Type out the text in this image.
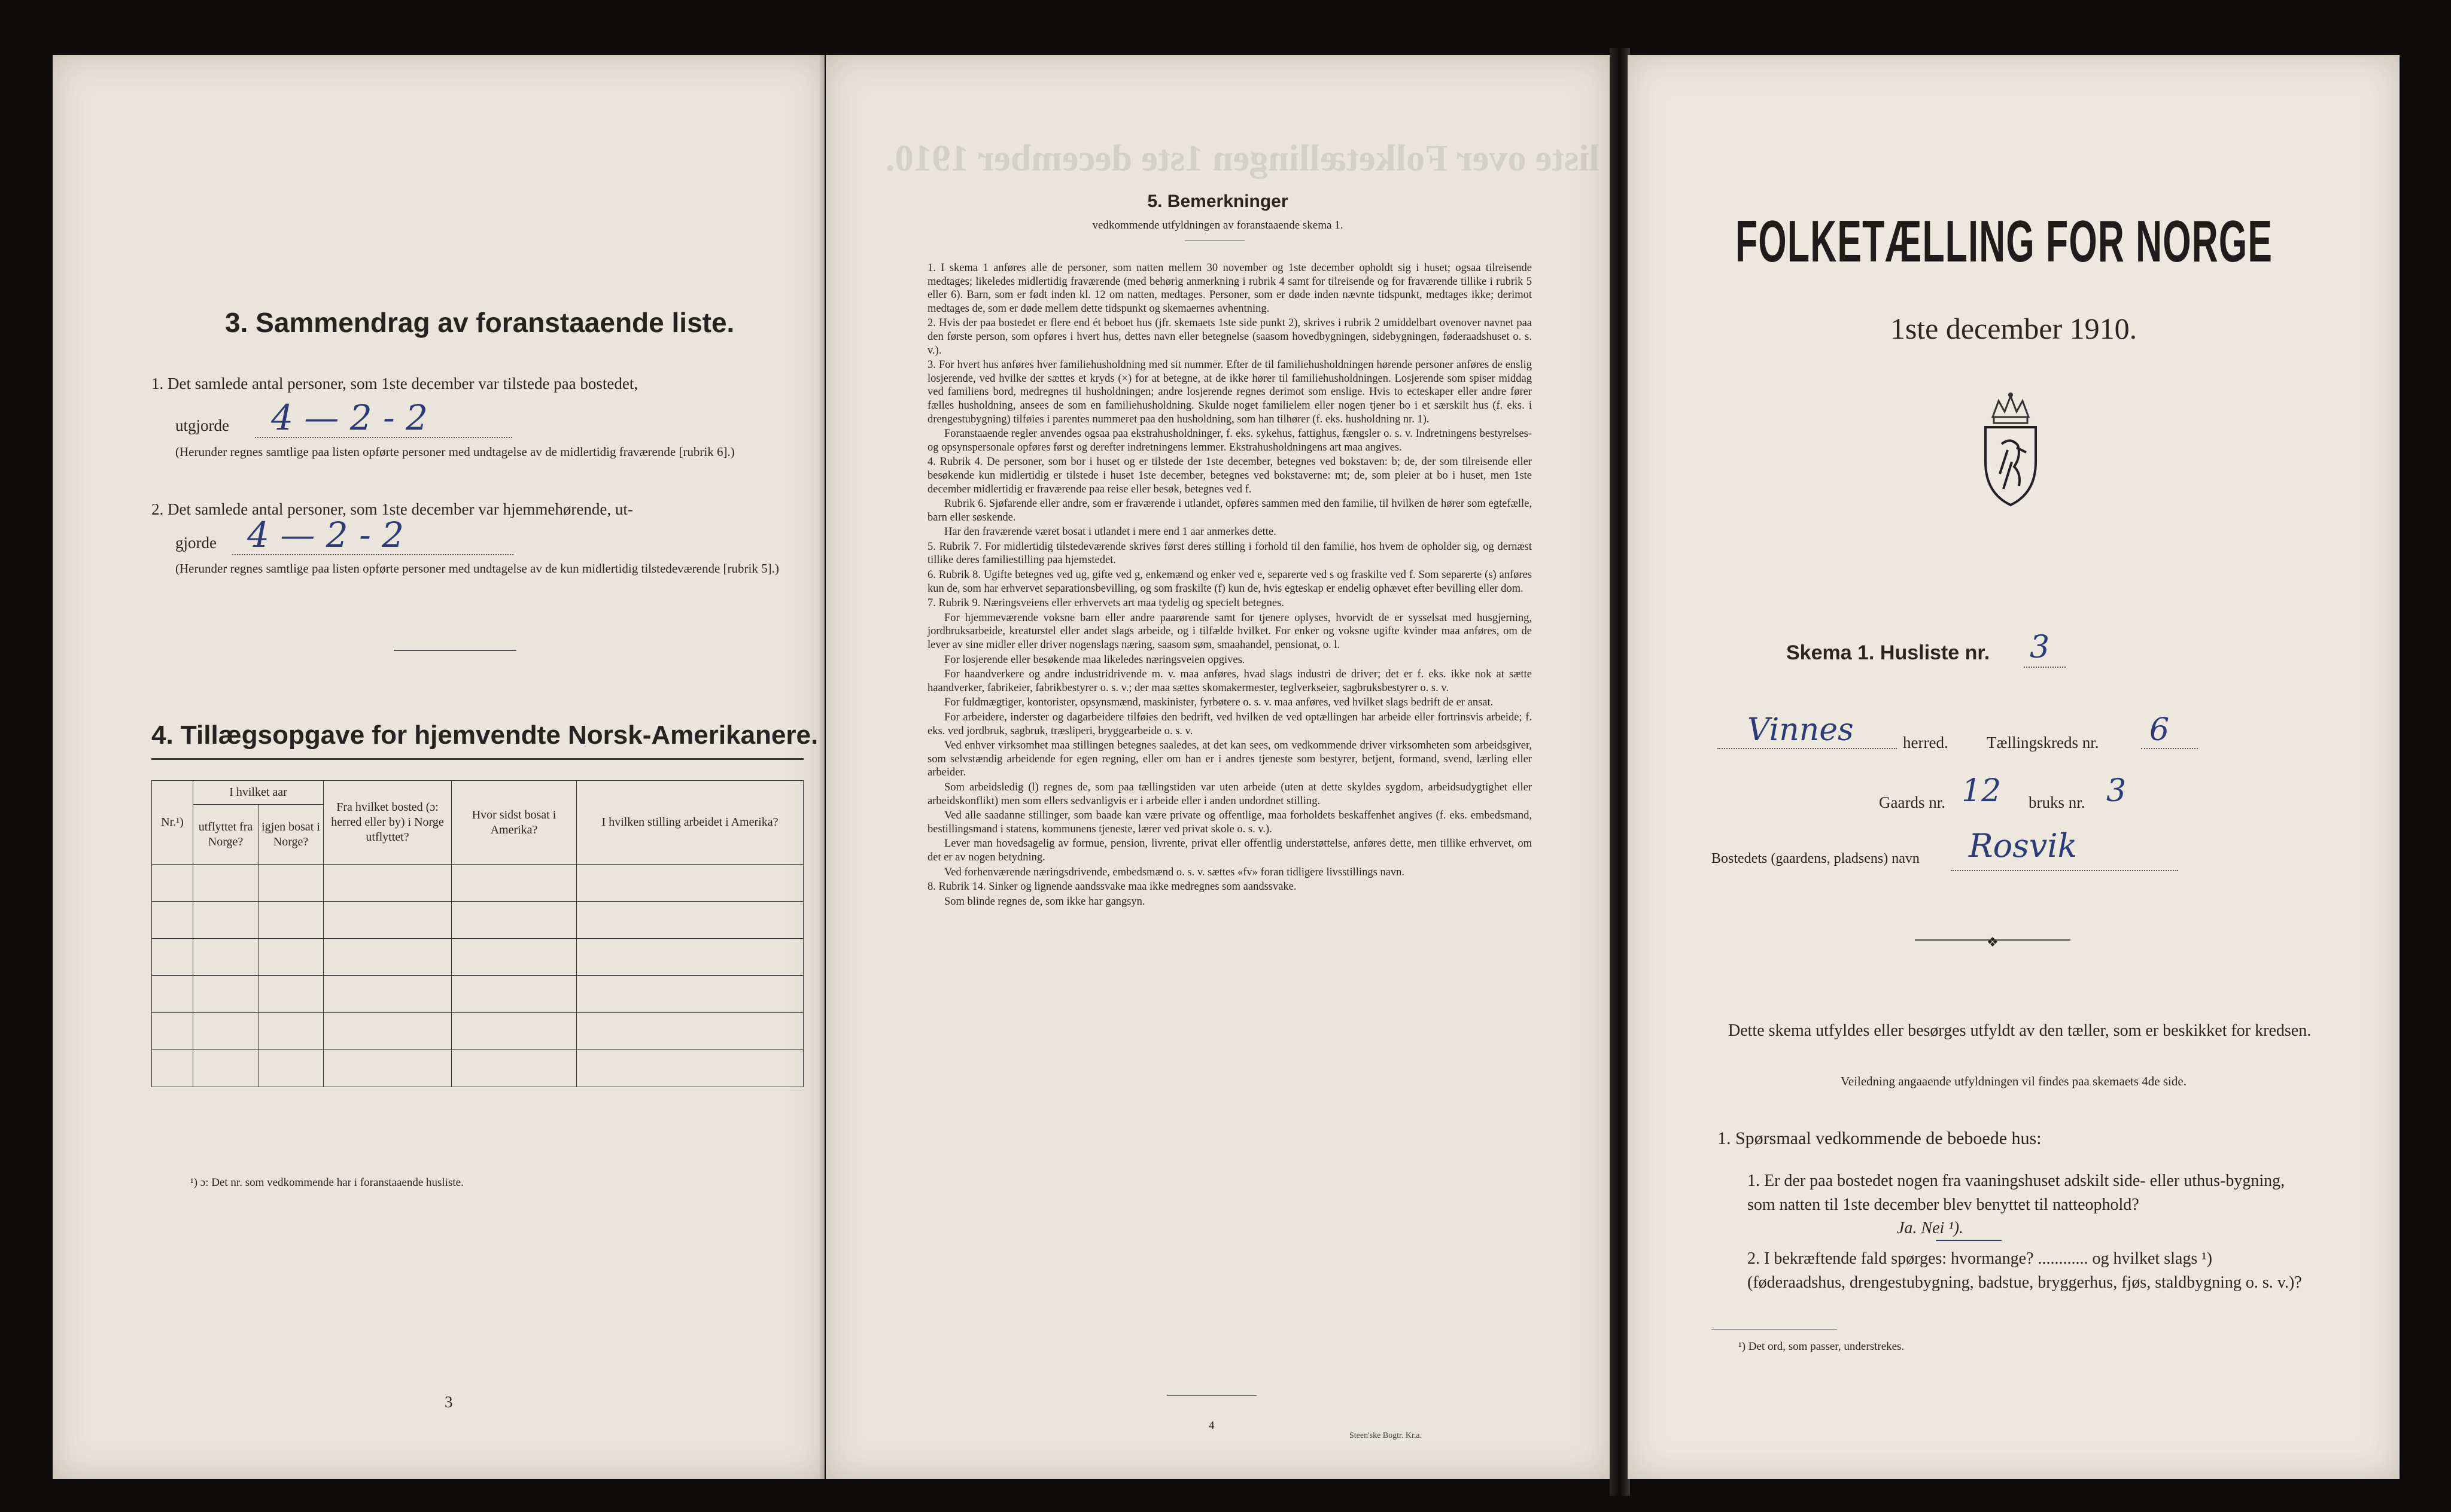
3. Sammendrag av foranstaaende liste.
1. Det samlede antal personer, som 1ste december var tilstede paa bostedet,
utgjorde 4 — 2 - 2
(Herunder regnes samtlige paa listen opførte personer med undtagelse av de midlertidig fraværende [rubrik 6].)
2. Det samlede antal personer, som 1ste december var hjemmehørende, ut-
gjorde 4 — 2 - 2
(Herunder regnes samtlige paa listen opførte personer med undtagelse av de kun midlertidig tilstedeværende [rubrik 5].)
4. Tillægsopgave for hjemvendte Norsk-Amerikanere.
Nr.¹)	I hvilket aar		Fra hvilket bosted (ɔ: herred eller by) i Norge utflyttet?	Hvor sidst bosat i Amerika?	I hvilken stilling arbeidet i Amerika?
	utflyttet fra Norge?	igjen bosat i Norge?			

¹) ɔ: Det nr. som vedkommende har i foranstaaende husliste.
3
liste over Folketællingen 1ste december 1910.
5. Bemerkninger
vedkommende utfyldningen av foranstaaende skema 1.

1. I skema 1 anføres alle de personer, som natten mellem 30 november og 1ste december opholdt sig i huset; ogsaa tilreisende medtages; likeledes midlertidig fraværende (med behørig anmerkning i rubrik 4 samt for tilreisende og for fraværende tillike i rubrik 5 eller 6). Barn, som er født inden kl. 12 om natten, medtages. Personer, som er døde inden nævnte tidspunkt, medtages ikke; derimot medtages de, som er døde mellem dette tidspunkt og skemaernes avhentning.

2. Hvis der paa bostedet er flere end ét beboet hus (jfr. skemaets 1ste side punkt 2), skrives i rubrik 2 umiddelbart ovenover navnet paa den første person, som opføres i hvert hus, dettes navn eller betegnelse (saasom hovedbygningen, sidebygningen, føderaadshuset o. s. v.).

3. For hvert hus anføres hver familiehusholdning med sit nummer. Efter de til familiehusholdningen hørende personer anføres de enslig losjerende, ved hvilke der sættes et kryds (×) for at betegne, at de ikke hører til familiehusholdningen. Losjerende som spiser middag ved familiens bord, medregnes til husholdningen; andre losjerende regnes derimot som enslige. Hvis to ecteskaper eller andre fører fælles husholdning, ansees de som en familiehusholdning. Skulde noget familielem eller nogen tjener bo i et særskilt hus (f. eks. i drengestubygning) tilføies i parentes nummeret paa den husholdning, som han tilhører (f. eks. husholdning nr. 1).

Foranstaaende regler anvendes ogsaa paa ekstrahusholdninger, f. eks. sykehus, fattighus, fængsler o. s. v. Indretningens bestyrelses- og opsynspersonale opføres først og derefter indretningens lemmer. Ekstrahusholdningens art maa angives.

4. Rubrik 4. De personer, som bor i huset og er tilstede der 1ste december, betegnes ved bokstaven: b; de, der som tilreisende eller besøkende kun midlertidig er tilstede i huset 1ste december, betegnes ved bokstaverne: mt; de, som pleier at bo i huset, men 1ste december midlertidig er fraværende paa reise eller besøk, betegnes ved f.

Rubrik 6. Sjøfarende eller andre, som er fraværende i utlandet, opføres sammen med den familie, til hvilken de hører som egtefælle, barn eller søskende.

Har den fraværende været bosat i utlandet i mere end 1 aar anmerkes dette.

5. Rubrik 7. For midlertidig tilstedeværende skrives først deres stilling i forhold til den familie, hos hvem de opholder sig, og dernæst tillike deres familiestilling paa hjemstedet.

6. Rubrik 8. Ugifte betegnes ved ug, gifte ved g, enkemænd og enker ved e, separerte ved s og fraskilte ved f. Som separerte (s) anføres kun de, som har erhvervet separationsbevilling, og som fraskilte (f) kun de, hvis egteskap er endelig ophævet efter bevilling eller dom.

7. Rubrik 9. Næringsveiens eller erhvervets art maa tydelig og specielt betegnes.

For hjemmeværende voksne barn eller andre paarørende samt for tjenere oplyses, hvorvidt de er sysselsat med husgjerning, jordbruksarbeide, kreaturstel eller andet slags arbeide, og i tilfælde hvilket. For enker og voksne ugifte kvinder maa anføres, om de lever av sine midler eller driver nogenslags næring, saasom søm, smaahandel, pensionat, o. l.

For losjerende eller besøkende maa likeledes næringsveien opgives.

For haandverkere og andre industridrivende m. v. maa anføres, hvad slags industri de driver; det er f. eks. ikke nok at sætte haandverker, fabrikeier, fabrikbestyrer o. s. v.; der maa sættes skomakermester, teglverkseier, sagbruksbestyrer o. s. v.

For fuldmægtiger, kontorister, opsynsmænd, maskinister, fyrbøtere o. s. v. maa anføres, ved hvilket slags bedrift de er ansat.

For arbeidere, inderster og dagarbeidere tilføies den bedrift, ved hvilken de ved optællingen har arbeide eller fortrinsvis arbeide; f. eks. ved jordbruk, sagbruk, træsliperi, bryggearbeide o. s. v.

Ved enhver virksomhet maa stillingen betegnes saaledes, at det kan sees, om vedkommende driver virksomheten som arbeidsgiver, som selvstændig arbeidende for egen regning, eller om han er i andres tjeneste som bestyrer, betjent, formand, svend, lærling eller arbeider.

Som arbeidsledig (l) regnes de, som paa tællingstiden var uten arbeide (uten at dette skyldes sygdom, arbeidsudygtighet eller arbeidskonflikt) men som ellers sedvanligvis er i arbeide eller i anden undordnet stilling.

Ved alle saadanne stillinger, som baade kan være private og offentlige, maa forholdets beskaffenhet angives (f. eks. embedsmand, bestillingsmand i statens, kommunens tjeneste, lærer ved privat skole o. s. v.).

Lever man hovedsagelig av formue, pension, livrente, privat eller offentlig understøttelse, anføres dette, men tillike erhvervet, om det er av nogen betydning.

Ved forhenværende næringsdrivende, embedsmænd o. s. v. sættes «fv» foran tidligere livsstillings navn.

8. Rubrik 14. Sinker og lignende aandssvake maa ikke medregnes som aandssvake.

Som blinde regnes de, som ikke har gangsyn.

4
Steen'ske Bogtr. Kr.a.
FOLKETÆLLING FOR NORGE
1ste december 1910.
Skema 1. Husliste nr. 3
Vinnes	herred. Tællingskreds nr. 6
Gaards nr. 12 bruks nr. 3
Bostedets (gaardens, pladsens) navn Rosvik
❖
Dette skema utfyldes eller besørges utfyldt av den tæller, som er beskikket for kredsen.
Veiledning angaaende utfyldningen vil findes paa skemaets 4de side.
1. Spørsmaal vedkommende de beboede hus:
1. Er der paa bostedet nogen fra vaaningshuset adskilt side- eller uthus-bygning, som natten til 1ste december blev benyttet til natteophold?
Ja. Nei ¹).
2. I bekræftende fald spørges: hvormange? ............ og hvilket slags ¹) (føderaadshus, drengestubygning, badstue, bryggerhus, fjøs, staldbygning o. s. v.)?
¹) Det ord, som passer, understrekes.
